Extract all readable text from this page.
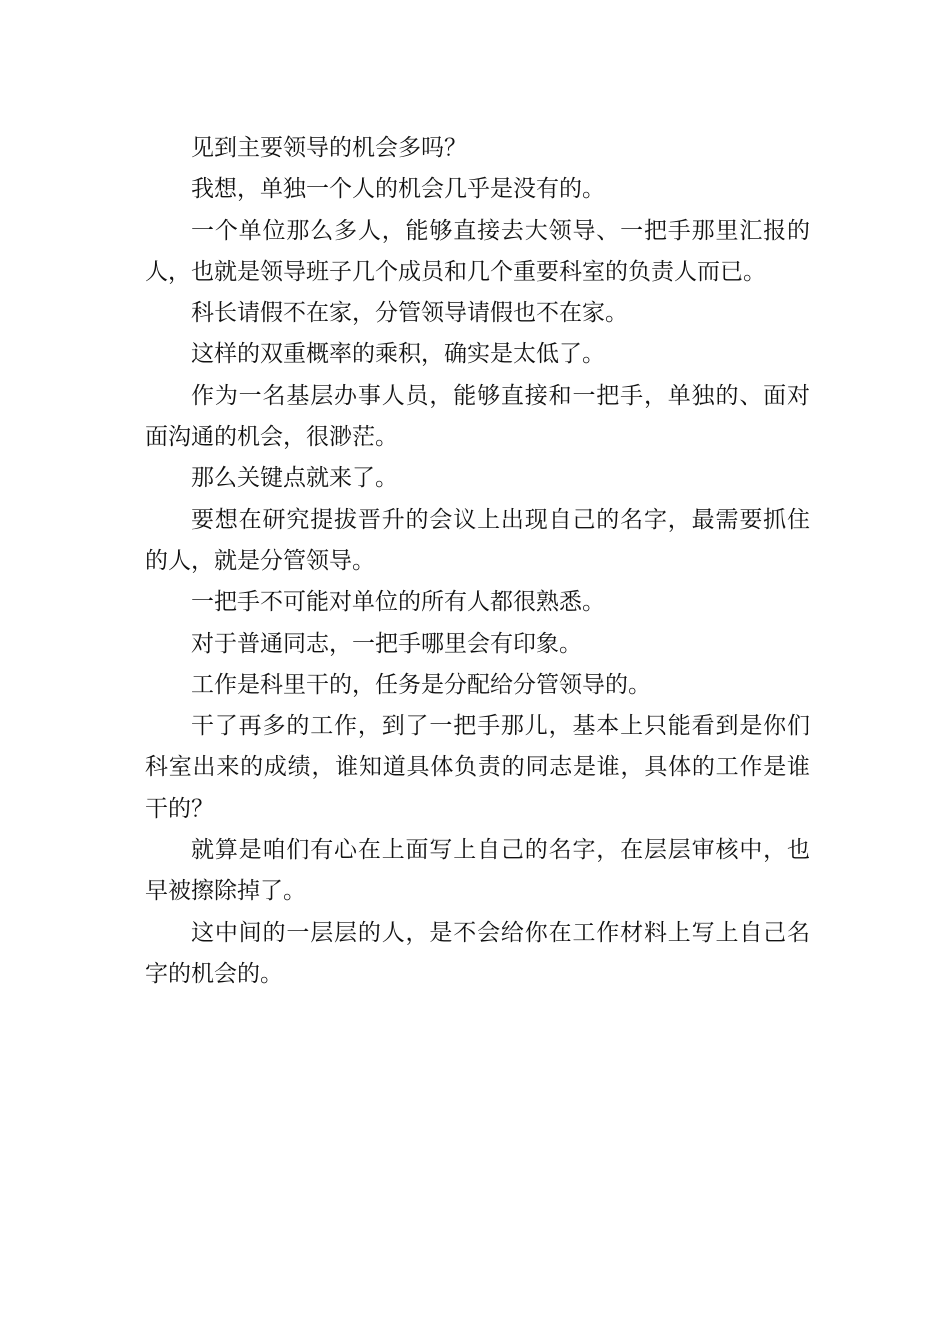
见到主要领导的机会多吗？

我想，单独一个人的机会几乎是没有的。

一个单位那么多人，能够直接去大领导、一把手那里汇报的人，也就是领导班子几个成员和几个重要科室的负责人而已。

科长请假不在家，分管领导请假也不在家。

这样的双重概率的乘积，确实是太低了。

作为一名基层办事人员，能够直接和一把手，单独的、面对面沟通的机会，很渺茫。

那么关键点就来了。

要想在研究提拔晋升的会议上出现自己的名字，最需要抓住的人，就是分管领导。

一把手不可能对单位的所有人都很熟悉。

对于普通同志，一把手哪里会有印象。

工作是科里干的，任务是分配给分管领导的。

干了再多的工作，到了一把手那儿，基本上只能看到是你们科室出来的成绩，谁知道具体负责的同志是谁，具体的工作是谁干的？

就算是咱们有心在上面写上自己的名字，在层层审核中，也早被擦除掉了。

这中间的一层层的人，是不会给你在工作材料上写上自己名字的机会的。
